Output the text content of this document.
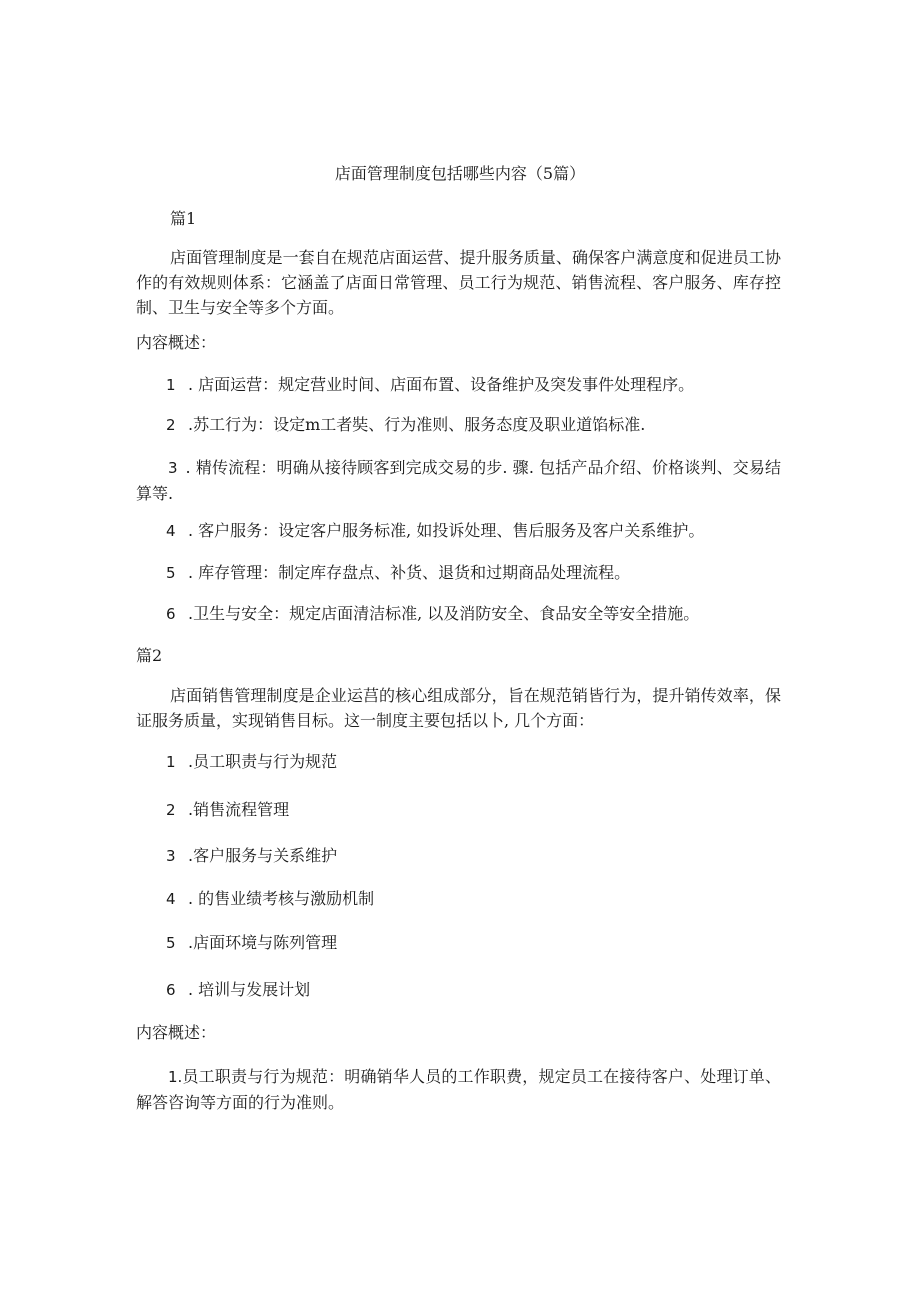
店面管理制度包括哪些内容（5篇）
篇1
店面管理制度是一套自在规范店面运营、提升服务质量、确保客户满意度和促进员工协作的有效规则体系：它涵盖了店面日常管理、员工行为规范、销售流程、客户服务、库存控制、卫生与安全等多个方面。
内容概述：
1 . 店面运营：规定营业时间、店面布置、设备维护及突发事件处理程序。
2 .苏工行为：设定m工者奘、行为准则、服务态度及职业道馅标准.
3 . 精传流程：明确从接待顾客到完成交易的步. 骤. 包括产品介绍、价格谈判、交易结算等.
4 . 客户服务：设定客户服务标准, 如投诉处理、售后服务及客户关系维护。
5 . 库存管理：制定库存盘点、补货、退货和过期商品处理流程。
6 .卫生与安全：规定店面清洁标准, 以及消防安全、食品安全等安全措施。
篇2
店面销售管理制度是企业运莒的核心组成部分，旨在规范销皆行为，提升销传效率，保证服务质量，实现销售目标。这一制度主要包括以卜, 几个方面：
1 .员工职责与行为规范
2 .销售流程管理
3 .客户服务与关系维护
4 . 的售业绩考核与激励机制
5 .店面环境与陈列管理
6 . 培训与发展计划
内容概述：
1.员工职责与行为规范：明确销华人员的工作职费，规定员工在接待客户、处理订单、解答咨询等方面的行为准则。
